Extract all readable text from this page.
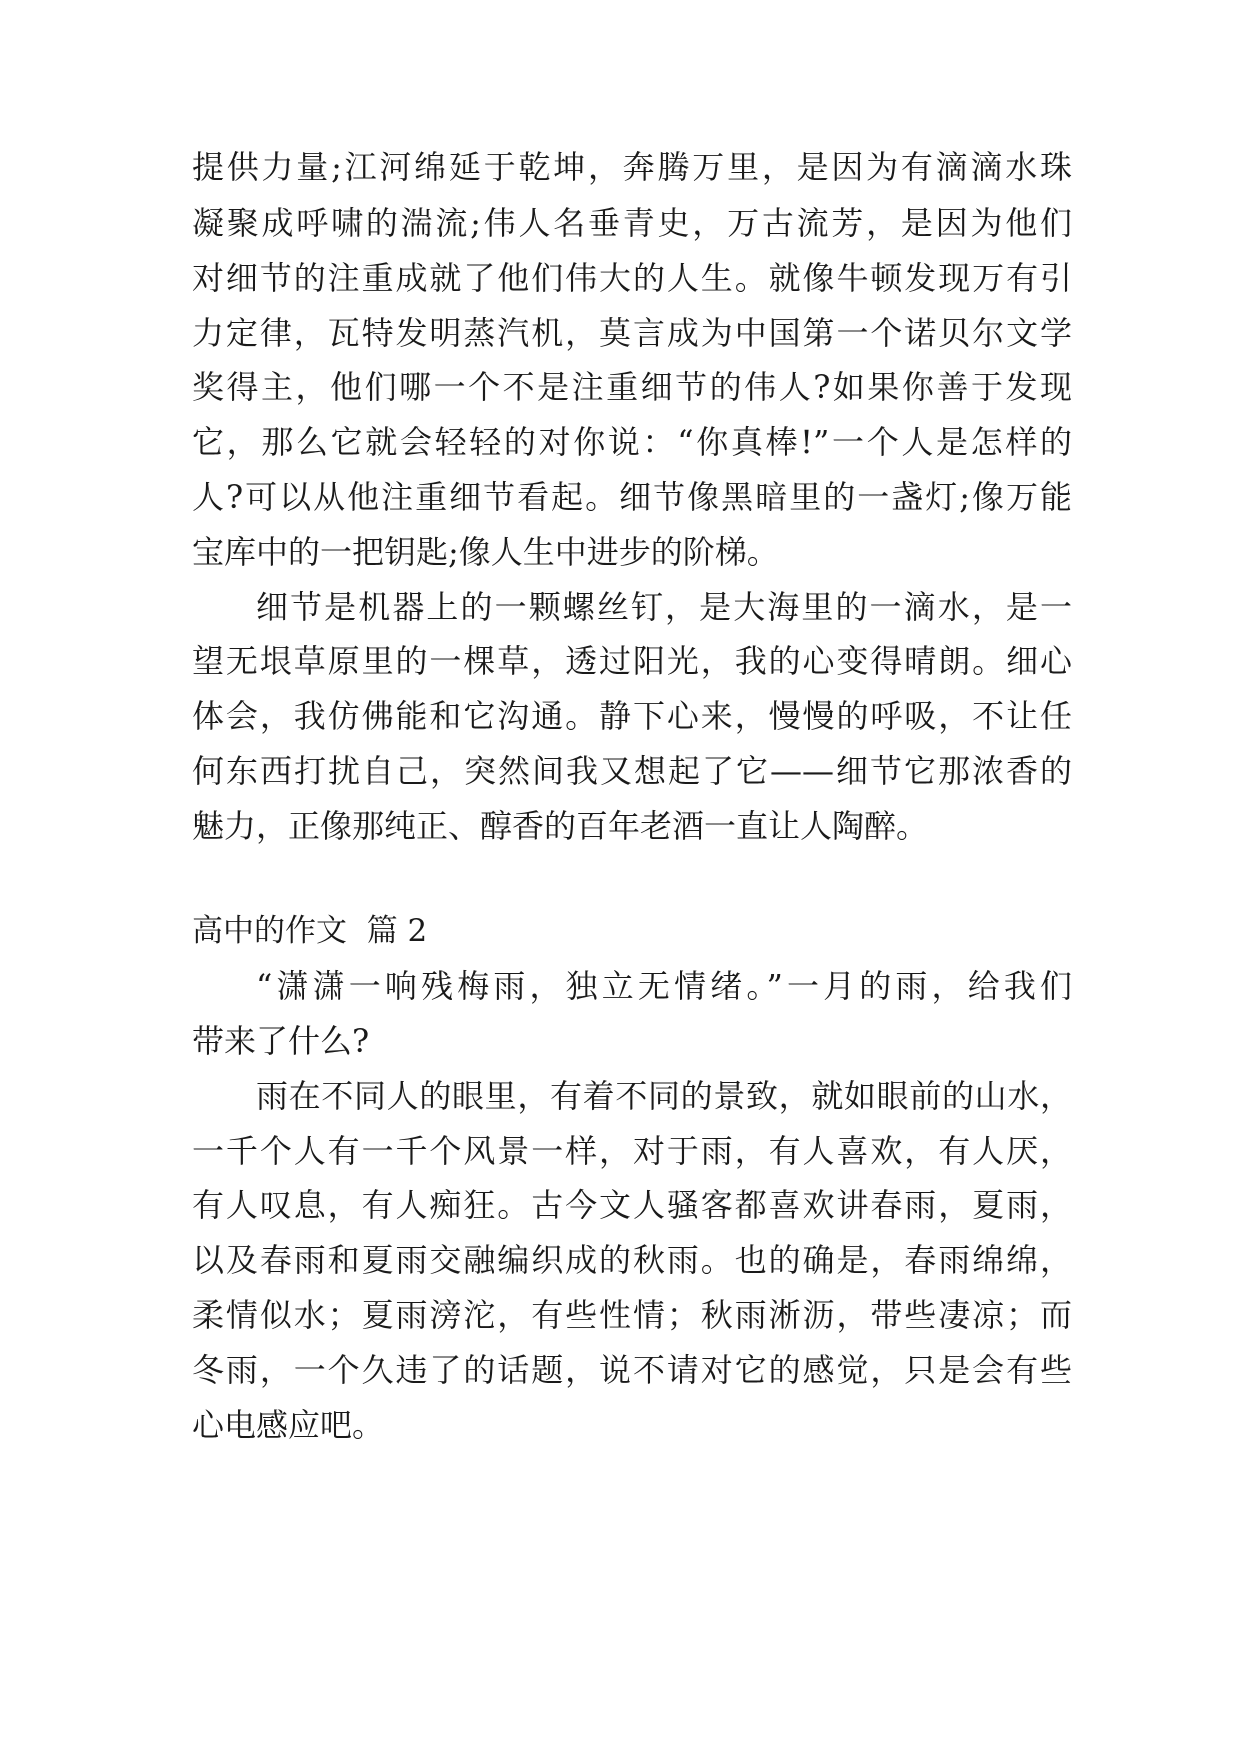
提供力量;江河绵延于乾坤，奔腾万里，是因为有滴滴水珠
凝聚成呼啸的湍流;伟人名垂青史，万古流芳，是因为他们
对细节的注重成就了他们伟大的人生。就像牛顿发现万有引
力定律，瓦特发明蒸汽机，莫言成为中国第一个诺贝尔文学
奖得主，他们哪一个不是注重细节的伟人?如果你善于发现
它，那么它就会轻轻的对你说：“你真棒!”一个人是怎样的
人?可以从他注重细节看起。细节像黑暗里的一盏灯;像万能
宝库中的一把钥匙;像人生中进步的阶梯。
细节是机器上的一颗螺丝钉，是大海里的一滴水，是一
望无垠草原里的一棵草，透过阳光，我的心变得晴朗。细心
体会，我仿佛能和它沟通。静下心来，慢慢的呼吸，不让任
何东西打扰自己，突然间我又想起了它——细节它那浓香的
魅力，正像那纯正、醇香的百年老酒一直让人陶醉。
高中的作文  篇 2
“潇潇一响残梅雨，独立无情绪。”一月的雨，给我们
带来了什么?
雨在不同人的眼里，有着不同的景致，就如眼前的山水，
一千个人有一千个风景一样，对于雨，有人喜欢，有人厌，
有人叹息，有人痴狂。古今文人骚客都喜欢讲春雨，夏雨，
以及春雨和夏雨交融编织成的秋雨。也的确是，春雨绵绵，
柔情似水；夏雨滂沱，有些性情；秋雨淅沥，带些凄凉；而
冬雨，一个久违了的话题，说不请对它的感觉，只是会有些
心电感应吧。
